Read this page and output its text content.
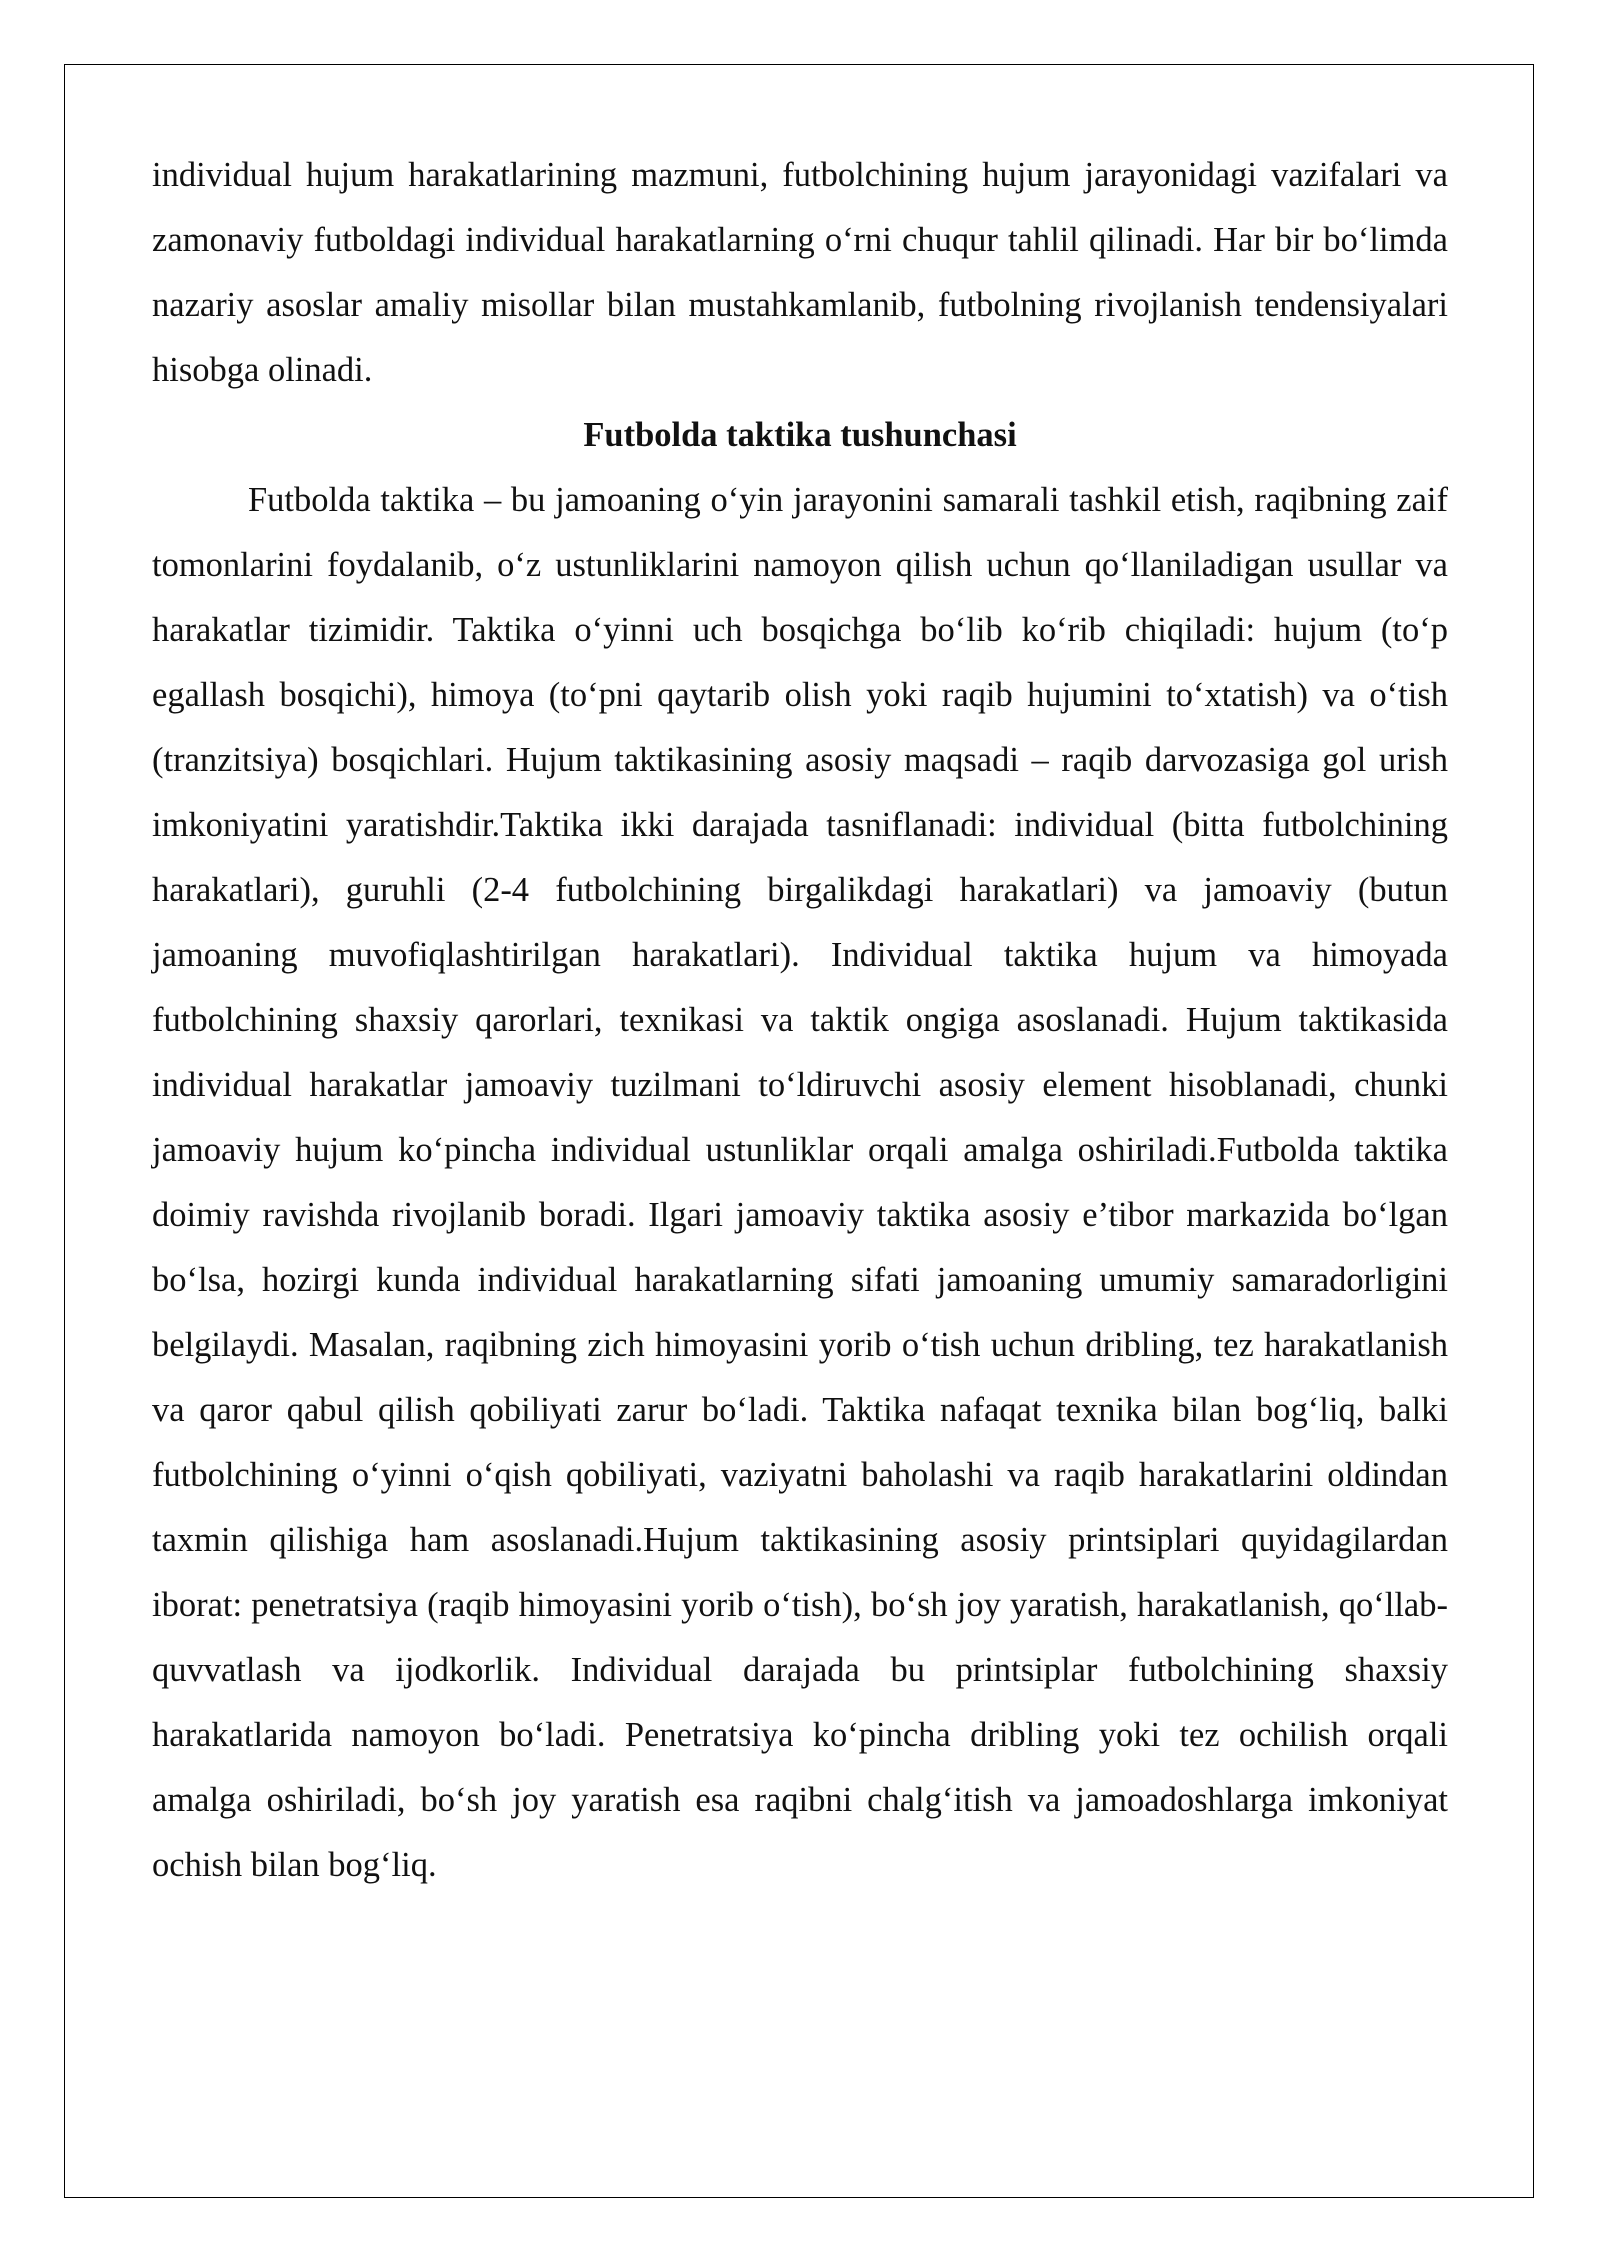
individual hujum harakatlarining mazmuni, futbolchining hujum jarayonidagi vazifalari va zamonaviy futboldagi individual harakatlarning o‘rni chuqur tahlil qilinadi. Har bir bo‘limda nazariy asoslar amaliy misollar bilan mustahkamlanib, futbolning rivojlanish tendensiyalari hisobga olinadi.

Futbolda taktika tushunchasi

Futbolda taktika – bu jamoaning o‘yin jarayonini samarali tashkil etish, raqibning zaif tomonlarini foydalanib, o‘z ustunliklarini namoyon qilish uchun qo‘llaniladigan usullar va harakatlar tizimidir. Taktika o‘yinni uch bosqichga bo‘lib ko‘rib chiqiladi: hujum (to‘p egallash bosqichi), himoya (to‘pni qaytarib olish yoki raqib hujumini to‘xtatish) va o‘tish (tranzitsiya) bosqichlari. Hujum taktikasining asosiy maqsadi – raqib darvozasiga gol urish imkoniyatini yaratishdir.Taktika ikki darajada tasniflanadi: individual (bitta futbolchining harakatlari), guruhli (2-4 futbolchining birgalikdagi harakatlari) va jamoaviy (butun jamoaning muvofiqlashtirilgan harakatlari). Individual taktika hujum va himoyada futbolchining shaxsiy qarorlari, texnikasi va taktik ongiga asoslanadi. Hujum taktikasida individual harakatlar jamoaviy tuzilmani to‘ldiruvchi asosiy element hisoblanadi, chunki jamoaviy hujum ko‘pincha individual ustunliklar orqali amalga oshiriladi.Futbolda taktika doimiy ravishda rivojlanib boradi. Ilgari jamoaviy taktika asosiy e’tibor markazida bo‘lgan bo‘lsa, hozirgi kunda individual harakatlarning sifati jamoaning umumiy samaradorligini belgilaydi. Masalan, raqibning zich himoyasini yorib o‘tish uchun dribling, tez harakatlanish va qaror qabul qilish qobiliyati zarur bo‘ladi. Taktika nafaqat texnika bilan bog‘liq, balki futbolchining o‘yinni o‘qish qobiliyati, vaziyatni baholashi va raqib harakatlarini oldindan taxmin qilishiga ham asoslanadi.Hujum taktikasining asosiy printsiplari quyidagilardan iborat: penetratsiya (raqib himoyasini yorib o‘tish), bo‘sh joy yaratish, harakatlanish, qo‘llab-quvvatlash va ijodkorlik. Individual darajada bu printsiplar futbolchining shaxsiy harakatlarida namoyon bo‘ladi. Penetratsiya ko‘pincha dribling yoki tez ochilish orqali amalga oshiriladi, bo‘sh joy yaratish esa raqibni chalg‘itish va jamoadoshlarga imkoniyat ochish bilan bog‘liq.
